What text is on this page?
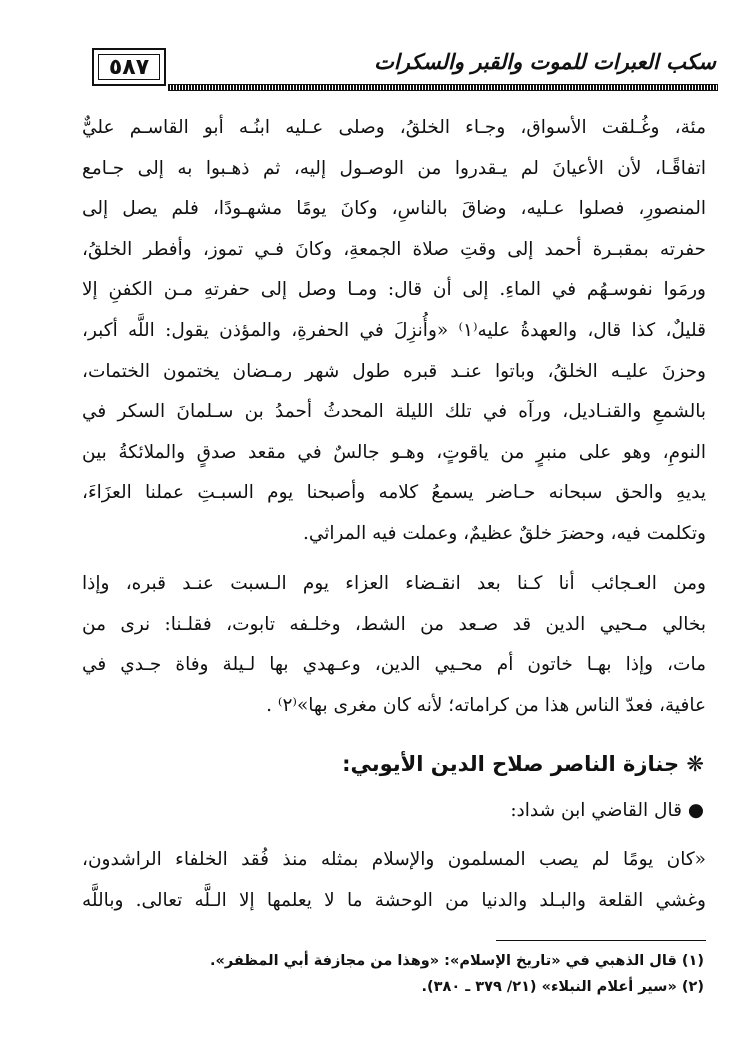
٥٨٧	سكب العبرات للموت والقبر والسكرات
مئة، وغُـلقت الأسواق، وجـاء الخلقُ، وصلى عـليه ابنُـه أبو القاسـم عليٌّ
اتفاقًـا، لأن الأعيانَ لم يـقدروا من الوصـول إليه، ثم ذهـبوا به إلى جـامع
المنصورِ، فصلوا عـليه، وضاقَ بالناسِ، وكانَ يومًا مشهـودًا، فلم يصل إلى
حفرته بمقبـرة أحمد إلى وقتِ صلاة الجمعةِ، وكانَ فـي تموز، وأفطر الخلقُ،
ورمَوا نفوسـهُم في الماءِ. إلى أن قال: ومـا وصل إلى حفرتهِ مـن الكفنِ إلا
قليلٌ، كذا قال، والعهدةُ عليه⁽١⁾ «وأُنزِلَ في الحفرةِ، والمؤذن يقول: اللَّه أكبر،
وحزنَ عليـه الخلقُ، وباتوا عنـد قبره طول شهر رمـضان يختمون الختمات،
بالشمعِ والقنـاديل، ورآه في تلك الليلة المحدثُ أحمدُ بن سـلمانَ السكر في
النومِ، وهو على منبرٍ من ياقوتٍ، وهـو جالسٌ في مقعد صدقٍ والملائكةُ بين
يديهِ والحق سبحانه حـاضر يسمعُ كلامه وأصبحنا يوم السبـتِ عملنا العزَاءَ،
وتكلمت فيه، وحضرَ خلقٌ عظيمٌ، وعملت فيه المراثي.
ومن العـجائب أنا كـنا بعد انقـضاء العزاء يوم الـسبت عنـد قبره، وإذا
بخالي مـحيي الدين قد صـعد من الشط، وخلـفه تابوت، فقلـنا: نرى من
مات، وإذا بهـا خاتون أم محـيي الدين، وعـهدي بها لـيلة وفاة جـدي في
عافية، فعدّ الناس هذا من كراماته؛ لأنه كان مغرى بها»⁽٢⁾ .
❋ جنازة الناصر صلاح الدين الأيوبي:
● قال القاضي ابن شداد:
«كان يومًا لم يصب المسلمون والإسلام بمثله منذ فُقد الخلفاء الراشدون،
وغشي القلعة والبـلد والدنيا من الوحشة ما لا يعلمها إلا الـلَّه تعالى. وباللَّه
(١) قال الذهبي في «تاريخ الإسلام»: «وهذا من مجازفة أبي المظفر».
(٢) «سير أعلام النبلاء» (٢١/ ٣٧٩ ـ ٣٨٠).
